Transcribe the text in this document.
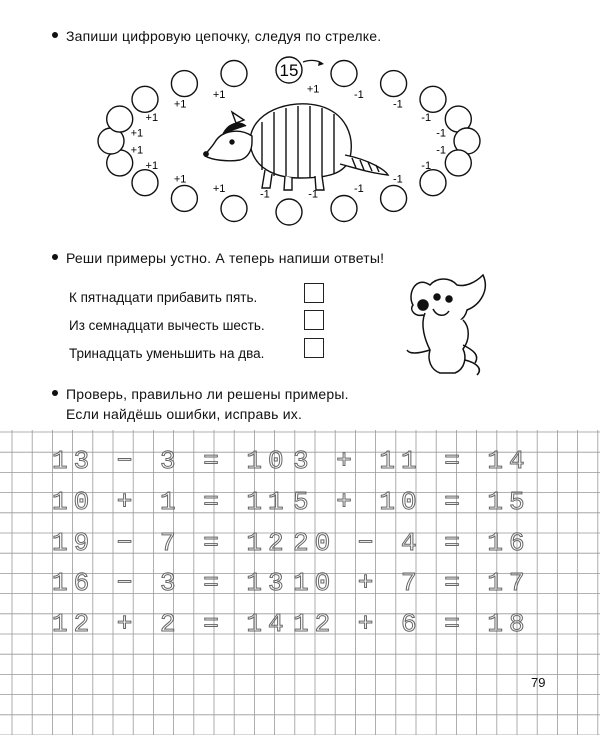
Запиши цифровую цепочку, следуя по стрелке.
15
+1	-1
-1
-1
-1
-1
-1
-1
-1
-1
-1
+1
+1
+1
+1
+1
+1
+1
+1
Реши примеры устно. А теперь напиши ответы!
К пятнадцати прибавить пять.
Из семнадцати вычесть шесть.
Тринадцать уменьшить на два.
Проверь, правильно ли решены примеры.
Если найдёшь ошибки, исправь их.
13 − 3 = 10
10 + 1 = 11
19 − 7 = 12
16 − 3 = 13
12 + 2 = 14
3 + 11 = 14
5 + 10 = 15
20 − 4 = 16
10 + 7 = 17
12 + 6 = 18
79
